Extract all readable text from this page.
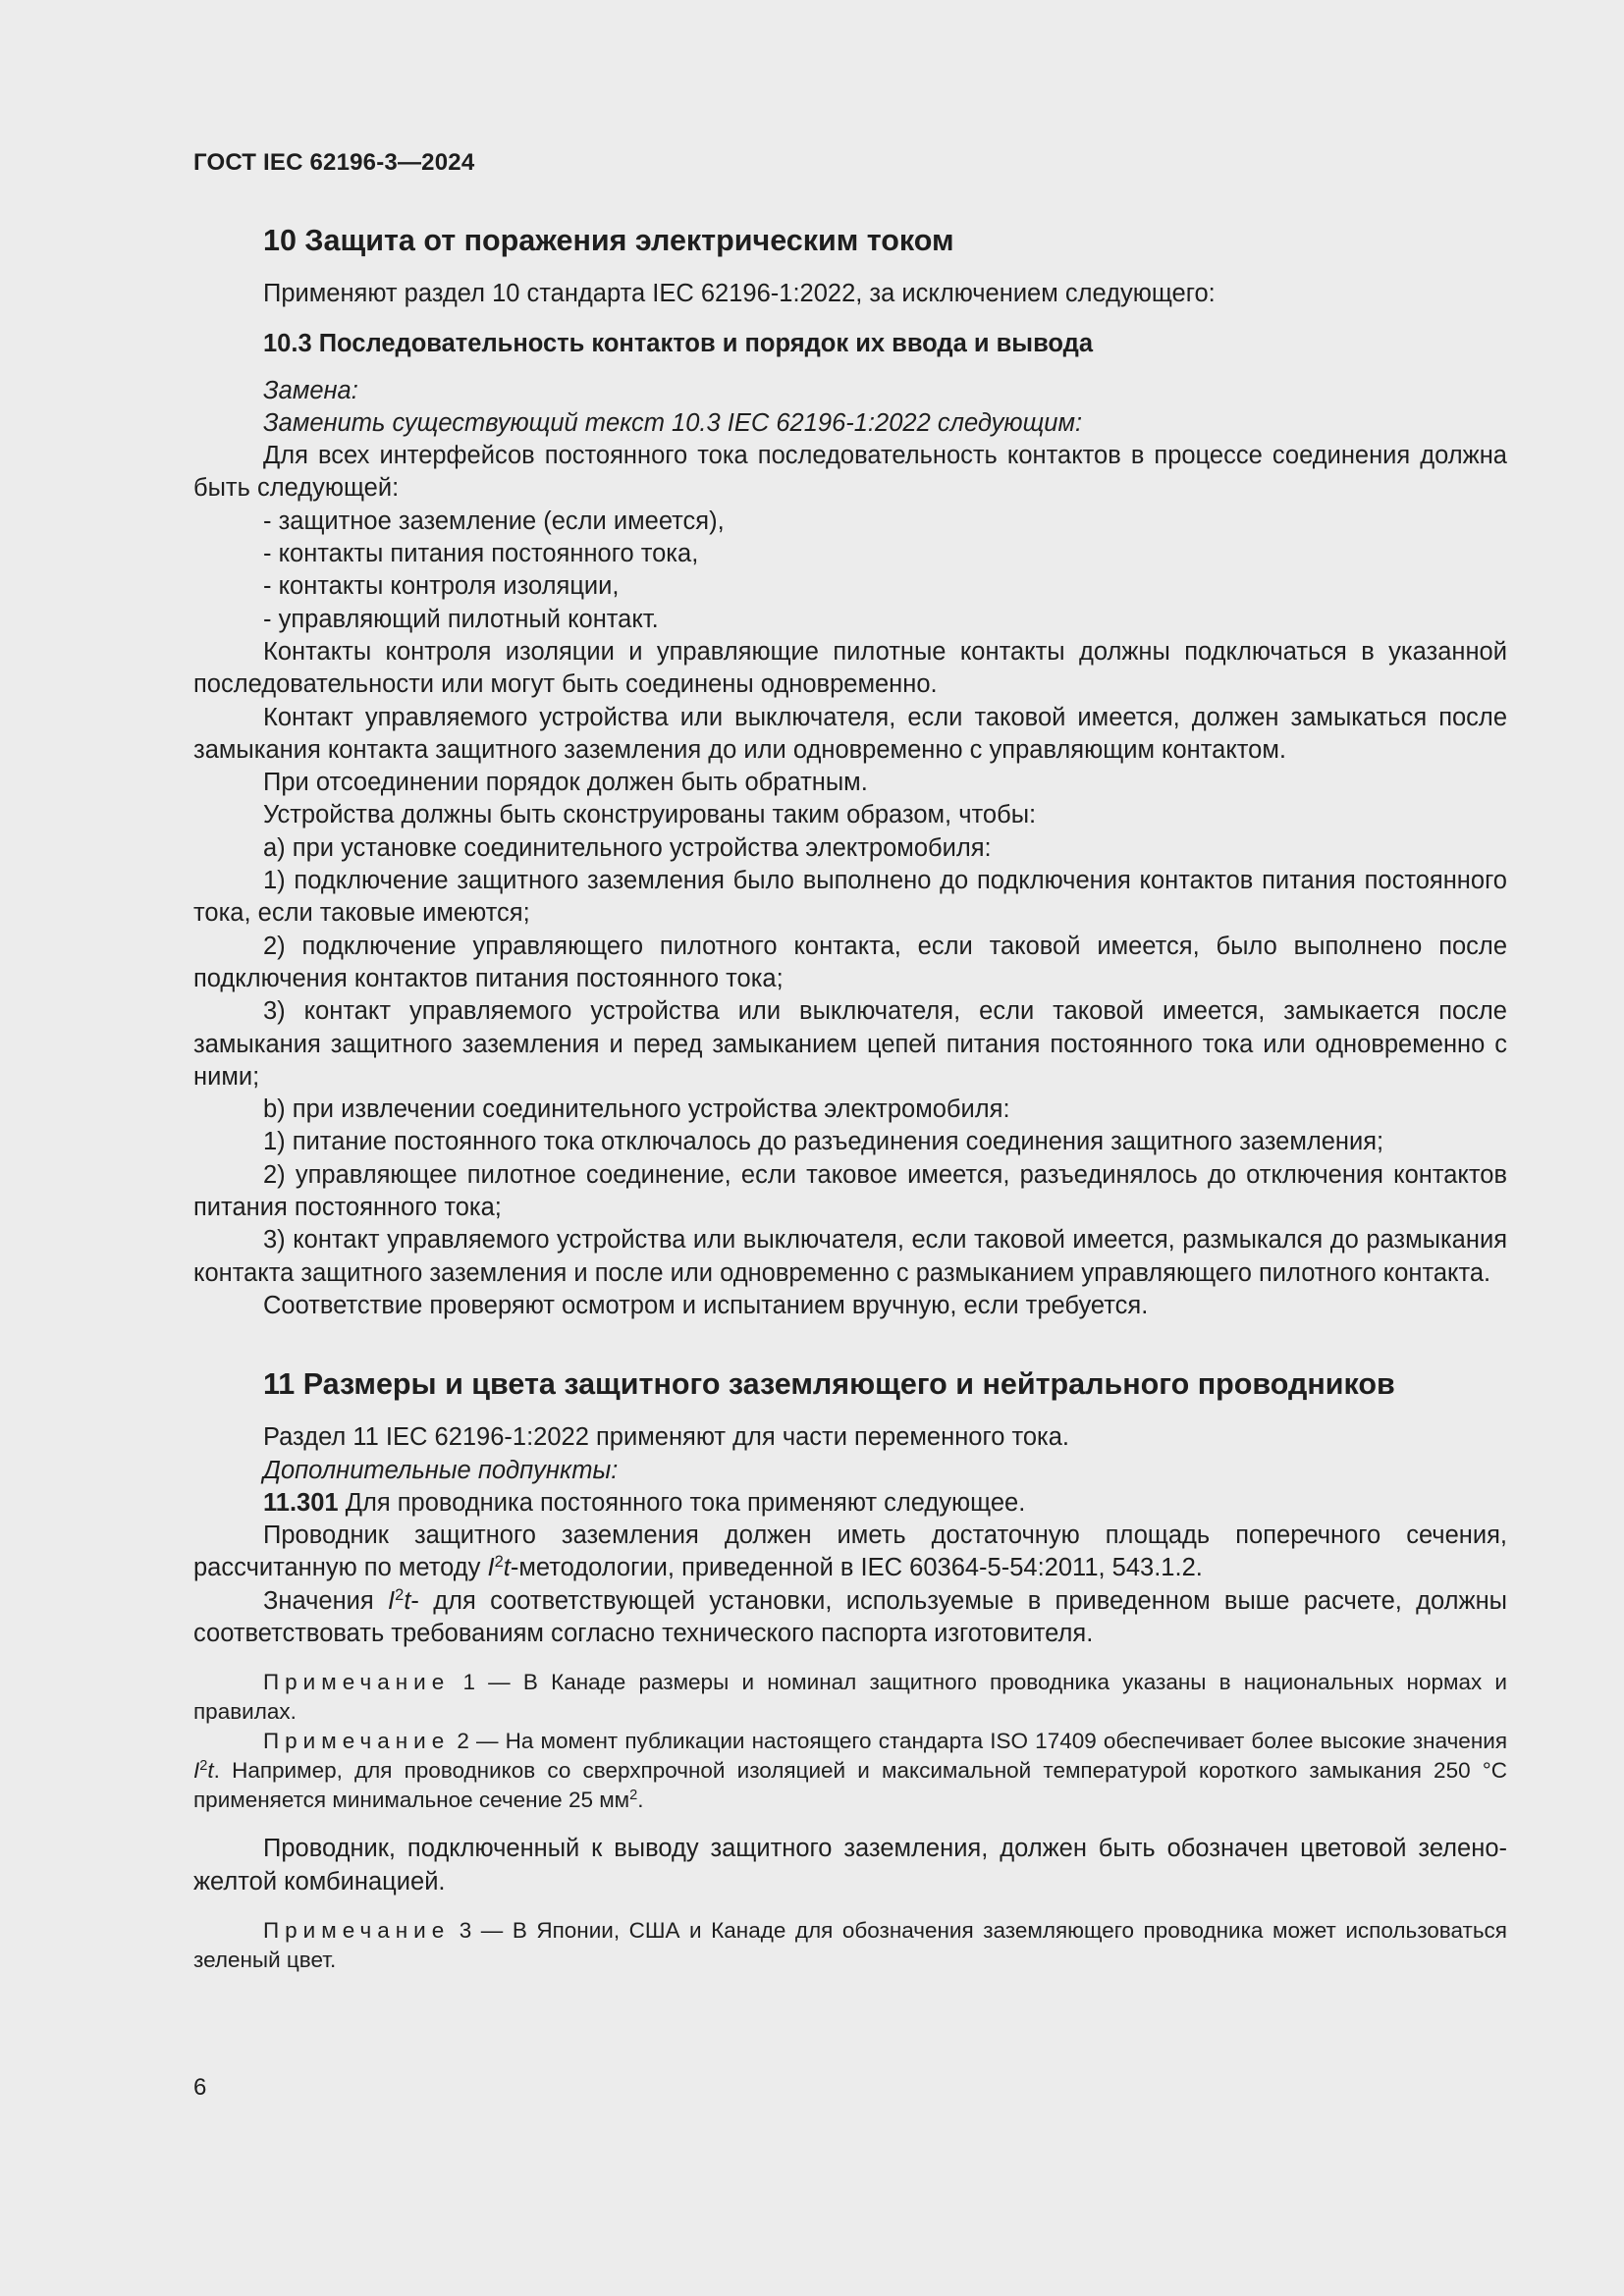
ГОСТ IEC 62196-3—2024

10 Защита от поражения электрическим током

Применяют раздел 10 стандарта IEC 62196-1:2022, за исключением следующего:

10.3 Последовательность контактов и порядок их ввода и вывода

Замена:

Заменить существующий текст 10.3 IEC 62196-1:2022 следующим:

Для всех интерфейсов постоянного тока последовательность контактов в процессе соединения должна быть следующей:

- защитное заземление (если имеется),

- контакты питания постоянного тока,

- контакты контроля изоляции,

- управляющий пилотный контакт.

Контакты контроля изоляции и управляющие пилотные контакты должны подключаться в указанной последовательности или могут быть соединены одновременно.

Контакт управляемого устройства или выключателя, если таковой имеется, должен замыкаться после замыкания контакта защитного заземления до или одновременно с управляющим контактом.

При отсоединении порядок должен быть обратным.

Устройства должны быть сконструированы таким образом, чтобы:

a) при установке соединительного устройства электромобиля:

1) подключение защитного заземления было выполнено до подключения контактов питания постоянного тока, если таковые имеются;

2) подключение управляющего пилотного контакта, если таковой имеется, было выполнено после подключения контактов питания постоянного тока;

3) контакт управляемого устройства или выключателя, если таковой имеется, замыкается после замыкания защитного заземления и перед замыканием цепей питания постоянного тока или одновременно с ними;

b) при извлечении соединительного устройства электромобиля:

1) питание постоянного тока отключалось до разъединения соединения защитного заземления;

2) управляющее пилотное соединение, если таковое имеется, разъединялось до отключения контактов питания постоянного тока;

3) контакт управляемого устройства или выключателя, если таковой имеется, размыкался до размыкания контакта защитного заземления и после или одновременно с размыканием управляющего пилотного контакта.

Соответствие проверяют осмотром и испытанием вручную, если требуется.

11 Размеры и цвета защитного заземляющего и нейтрального проводников

Раздел 11 IEC 62196-1:2022 применяют для части переменного тока.

Дополнительные подпункты:

11.301 Для проводника постоянного тока применяют следующее.

Проводник защитного заземления должен иметь достаточную площадь поперечного сечения, рассчитанную по методу $I^2t$-методологии, приведенной в IEC 60364-5-54:2011, 543.1.2.

Значения $I^2t-$ для соответствующей установки, используемые в приведенном выше расчете, должны соответствовать требованиям согласно технического паспорта изготовителя.

Примечание 1 — В Канаде размеры и номинал защитного проводника указаны в национальных нормах и правилах.

Примечание 2 — На момент публикации настоящего стандарта ISO 17409 обеспечивает более высокие значения $I^2t$. Например, для проводников со сверхпрочной изоляцией и максимальной температурой короткого замыкания 250 °С применяется минимальное сечение 25 $мм^2$.

Проводник, подключенный к выводу защитного заземления, должен быть обозначен цветовой зелено-желтой комбинацией.

Примечание 3 — В Японии, США и Канаде для обозначения заземляющего проводника может использоваться зеленый цвет.

6
